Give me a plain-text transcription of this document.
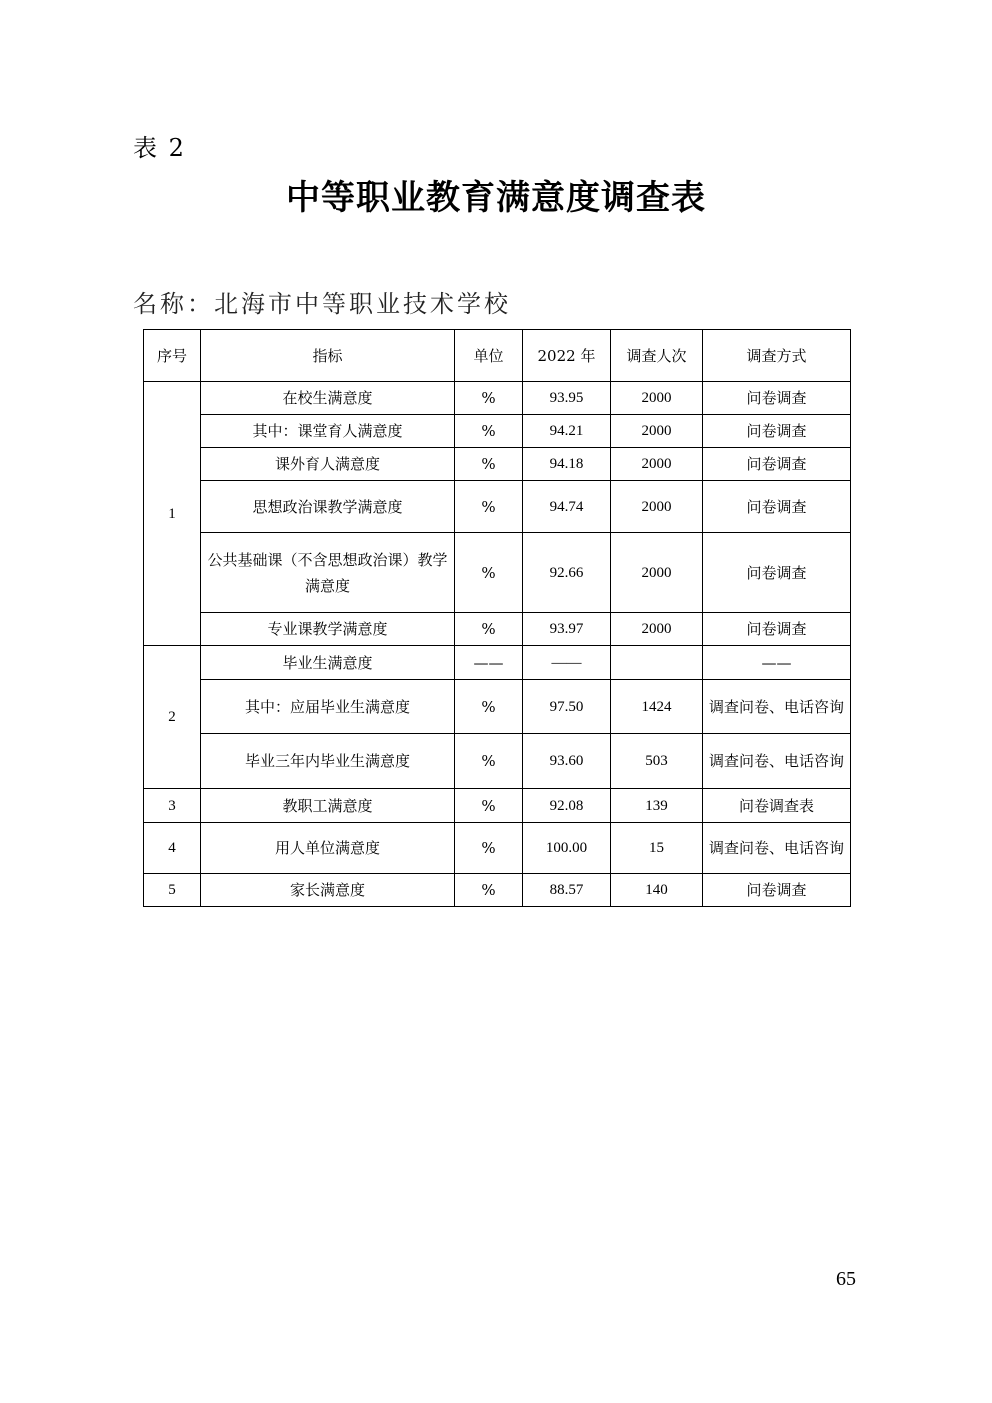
表 2
中等职业教育满意度调查表
名称：北海市中等职业技术学校
序号	指标	单位	2022 年	调查人次	调查方式
1	在校生满意度	%	93.95	2000	问卷调查
	其中：课堂育人满意度	%	94.21	2000	问卷调查
	课外育人满意度	%	94.18	2000	问卷调查
	思想政治课教学满意度	%	94.74	2000	问卷调查
	公共基础课（不含思想政治课）教学满意度	%	92.66	2000	问卷调查
	专业课教学满意度	%	93.97	2000	问卷调查
2	毕业生满意度	——	——		——
	其中：应届毕业生满意度	%	97.50	1424	调查问卷、电话咨询
	毕业三年内毕业生满意度	%	93.60	503	调查问卷、电话咨询
3	教职工满意度	%	92.08	139	问卷调查表
4	用人单位满意度	%	100.00	15	调查问卷、电话咨询
5	家长满意度	%	88.57	140	问卷调查
65
